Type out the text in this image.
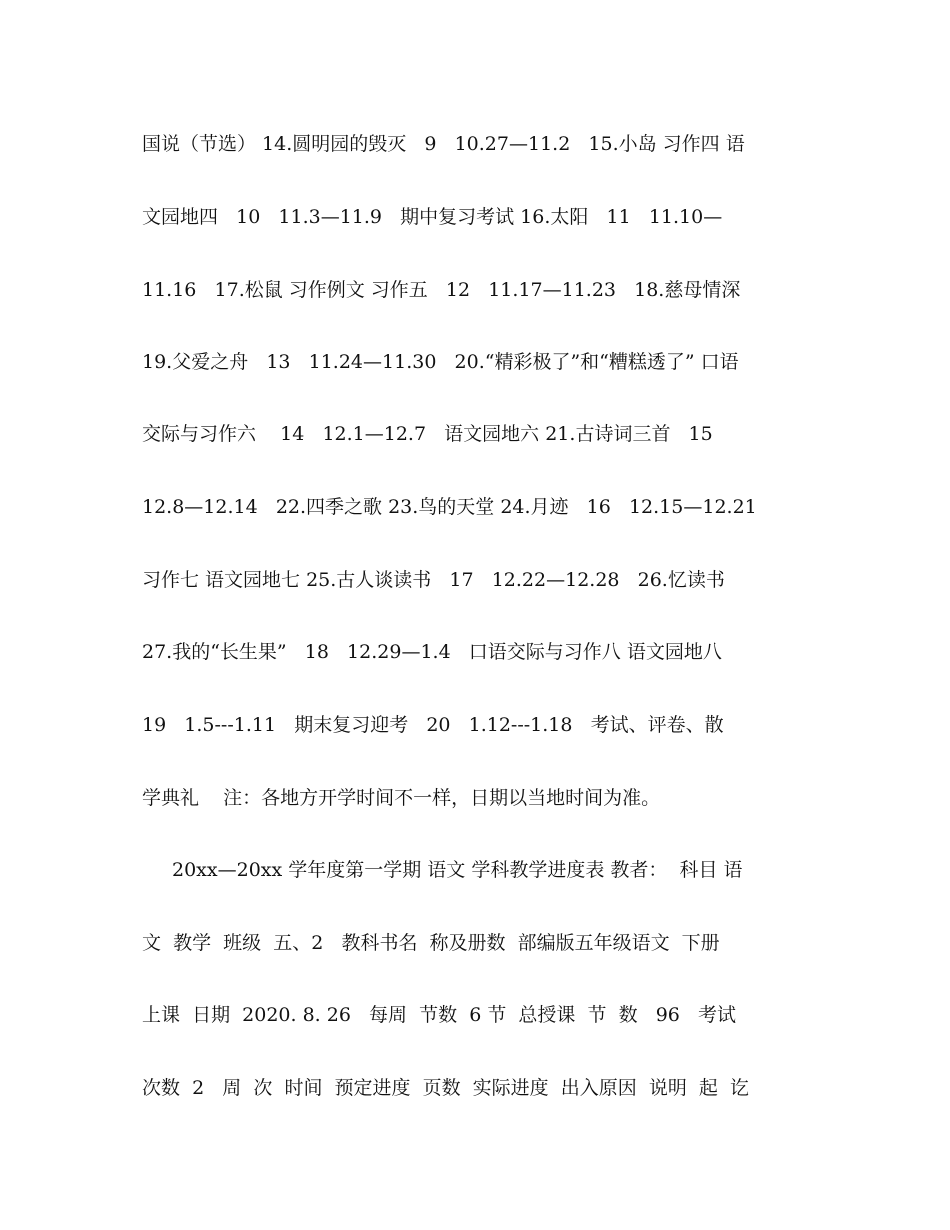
国说（节选） 14.圆明园的毁灭   9   10.27—11.2   15.小岛 习作四 语
文园地四   10   11.3—11.9   期中复习考试 16.太阳   11   11.10—
11.16   17.松鼠 习作例文 习作五   12   11.17—11.23   18.慈母情深
19.父爱之舟   13   11.24—11.30   20.“精彩极了”和“糟糕透了” 口语
交际与习作六    14   12.1—12.7   语文园地六 21.古诗词三首   15
12.8—12.14   22.四季之歌 23.鸟的天堂 24.月迹   16   12.15—12.21
习作七 语文园地七 25.古人谈读书   17   12.22—12.28   26.忆读书
27.我的“长生果”   18   12.29—1.4   口语交际与习作八 语文园地八
19   1.5---1.11   期末复习迎考   20   1.12---1.18   考试、评卷、散
学典礼    注：各地方开学时间不一样，日期以当地时间为准。
20xx—20xx 学年度第一学期 语文 学科教学进度表 教者：  科目 语
文  教学  班级  五、2   教科书名  称及册数  部编版五年级语文  下册
上课  日期  2020. 8. 26   每周  节数  6 节  总授课  节  数   96   考试
次数  2   周  次  时间  预定进度  页数  实际进度  出入原因  说明  起  讫
